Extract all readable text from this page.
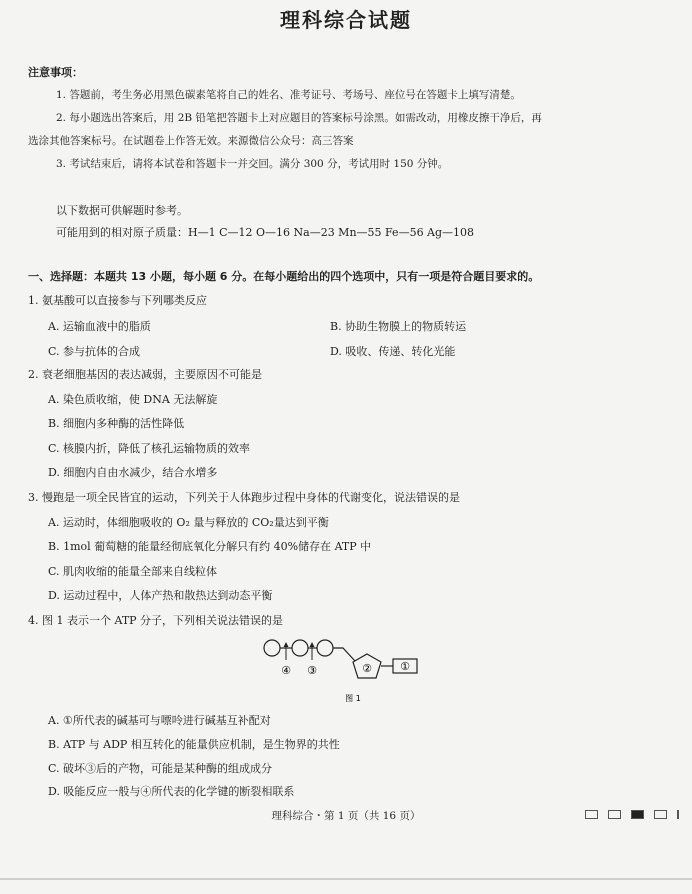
理科综合试题
注意事项：
1. 答题前，考生务必用黑色碳素笔将自己的姓名、准考证号、考场号、座位号在答题卡上填写清楚。
2. 每小题选出答案后，用 2B 铅笔把答题卡上对应题目的答案标号涂黑。如需改动，用橡皮擦干净后，再
选涂其他答案标号。在试题卷上作答无效。来源微信公众号：高三答案
3. 考试结束后，请将本试卷和答题卡一并交回。满分 300 分，考试用时 150 分钟。
以下数据可供解题时参考。
可能用到的相对原子质量：H—1 C—12 O—16 Na—23 Mn—55 Fe—56 Ag—108
一、选择题：本题共 13 小题，每小题 6 分。在每小题给出的四个选项中，只有一项是符合题目要求的。
1. 氨基酸可以直接参与下列哪类反应
A. 运输血液中的脂质	B. 协助生物膜上的物质转运
C. 参与抗体的合成	D. 吸收、传递、转化光能
2. 衰老细胞基因的表达减弱，主要原因不可能是
A. 染色质收缩，使 DNA 无法解旋
B. 细胞内多种酶的活性降低
C. 核膜内折，降低了核孔运输物质的效率
D. 细胞内自由水减少，结合水增多
3. 慢跑是一项全民皆宜的运动，下列关于人体跑步过程中身体的代谢变化，说法错误的是
A. 运动时，体细胞吸收的 O₂ 量与释放的 CO₂量达到平衡
B. 1mol 葡萄糖的能量经彻底氧化分解只有约 40%储存在 ATP 中
C. 肌肉收缩的能量全部来自线粒体
D. 运动过程中，人体产热和散热达到动态平衡
4. 图 1 表示一个 ATP 分子，下列相关说法错误的是
④ ③	②	①
图 1
A. ①所代表的碱基可与嘌呤进行碱基互补配对
B. ATP 与 ADP 相互转化的能量供应机制，是生物界的共性
C. 破坏③后的产物，可能是某种酶的组成成分
D. 吸能反应一般与④所代表的化学键的断裂相联系
理科综合・第 1 页（共 16 页）
